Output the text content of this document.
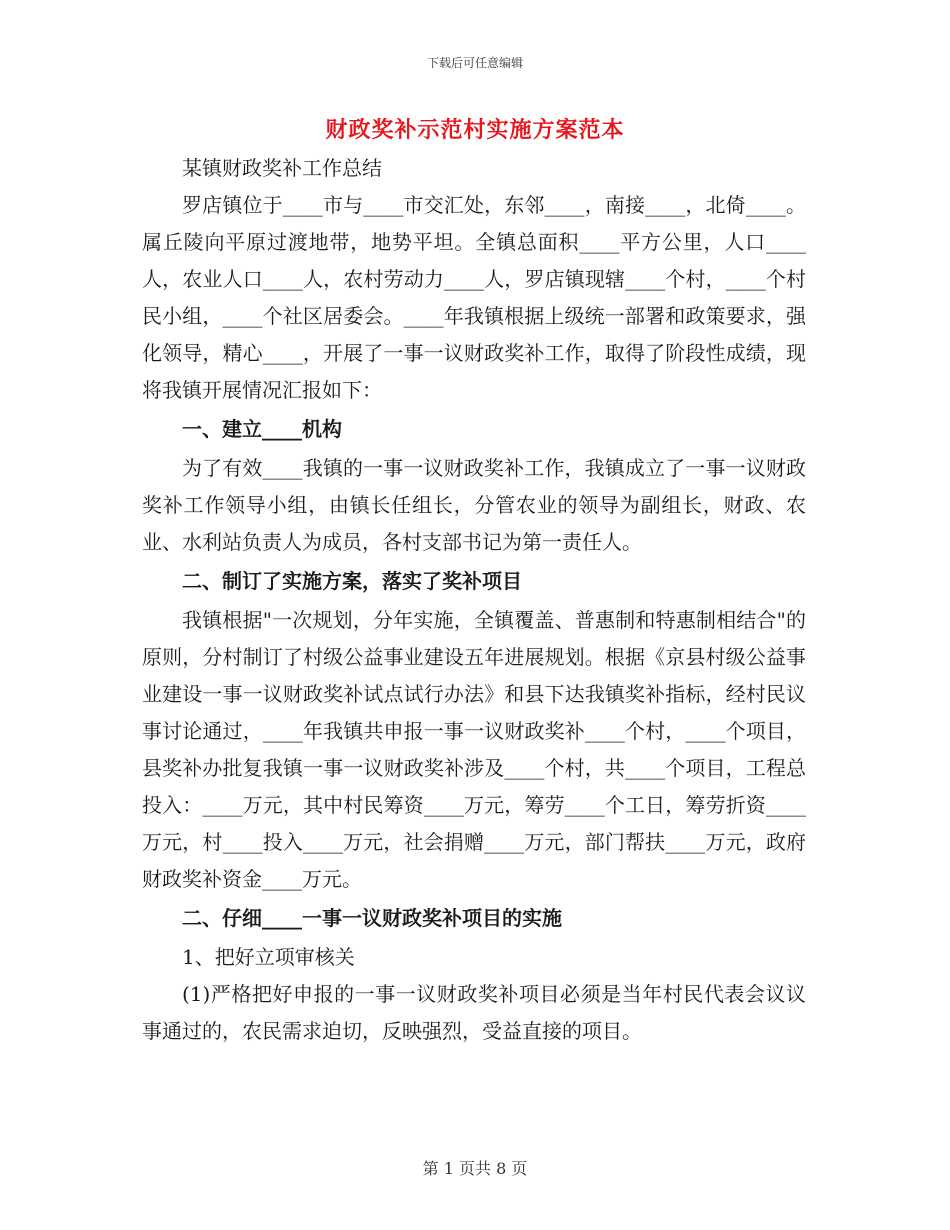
下载后可任意编辑
财政奖补示范村实施方案范本

某镇财政奖补工作总结

罗店镇位于____市与____市交汇处，东邻____，南接____，北倚____。属丘陵向平原过渡地带，地势平坦。全镇总面积____平方公里，人口____人，农业人口____人，农村劳动力____人，罗店镇现辖____个村，____个村民小组，____个社区居委会。____年我镇根据上级统一部署和政策要求，强化领导，精心____，开展了一事一议财政奖补工作，取得了阶段性成绩，现将我镇开展情况汇报如下：

一、建立____机构

为了有效____我镇的一事一议财政奖补工作，我镇成立了一事一议财政奖补工作领导小组，由镇长任组长，分管农业的领导为副组长，财政、农业、水利站负责人为成员，各村支部书记为第一责任人。

二、制订了实施方案，落实了奖补项目

我镇根据"一次规划，分年实施，全镇覆盖、普惠制和特惠制相结合"的原则，分村制订了村级公益事业建设五年进展规划。根据《京县村级公益事业建设一事一议财政奖补试点试行办法》和县下达我镇奖补指标，经村民议事讨论通过，____年我镇共申报一事一议财政奖补____个村，____个项目，县奖补办批复我镇一事一议财政奖补涉及____个村，共____个项目，工程总投入：____万元，其中村民筹资____万元，筹劳____个工日，筹劳折资____万元，村____投入____万元，社会捐赠____万元，部门帮扶____万元，政府财政奖补资金____万元。

二、仔细____一事一议财政奖补项目的实施

1、把好立项审核关

(1)严格把好申报的一事一议财政奖补项目必须是当年村民代表会议议事通过的，农民需求迫切，反映强烈，受益直接的项目。

第 1 页共 8 页
